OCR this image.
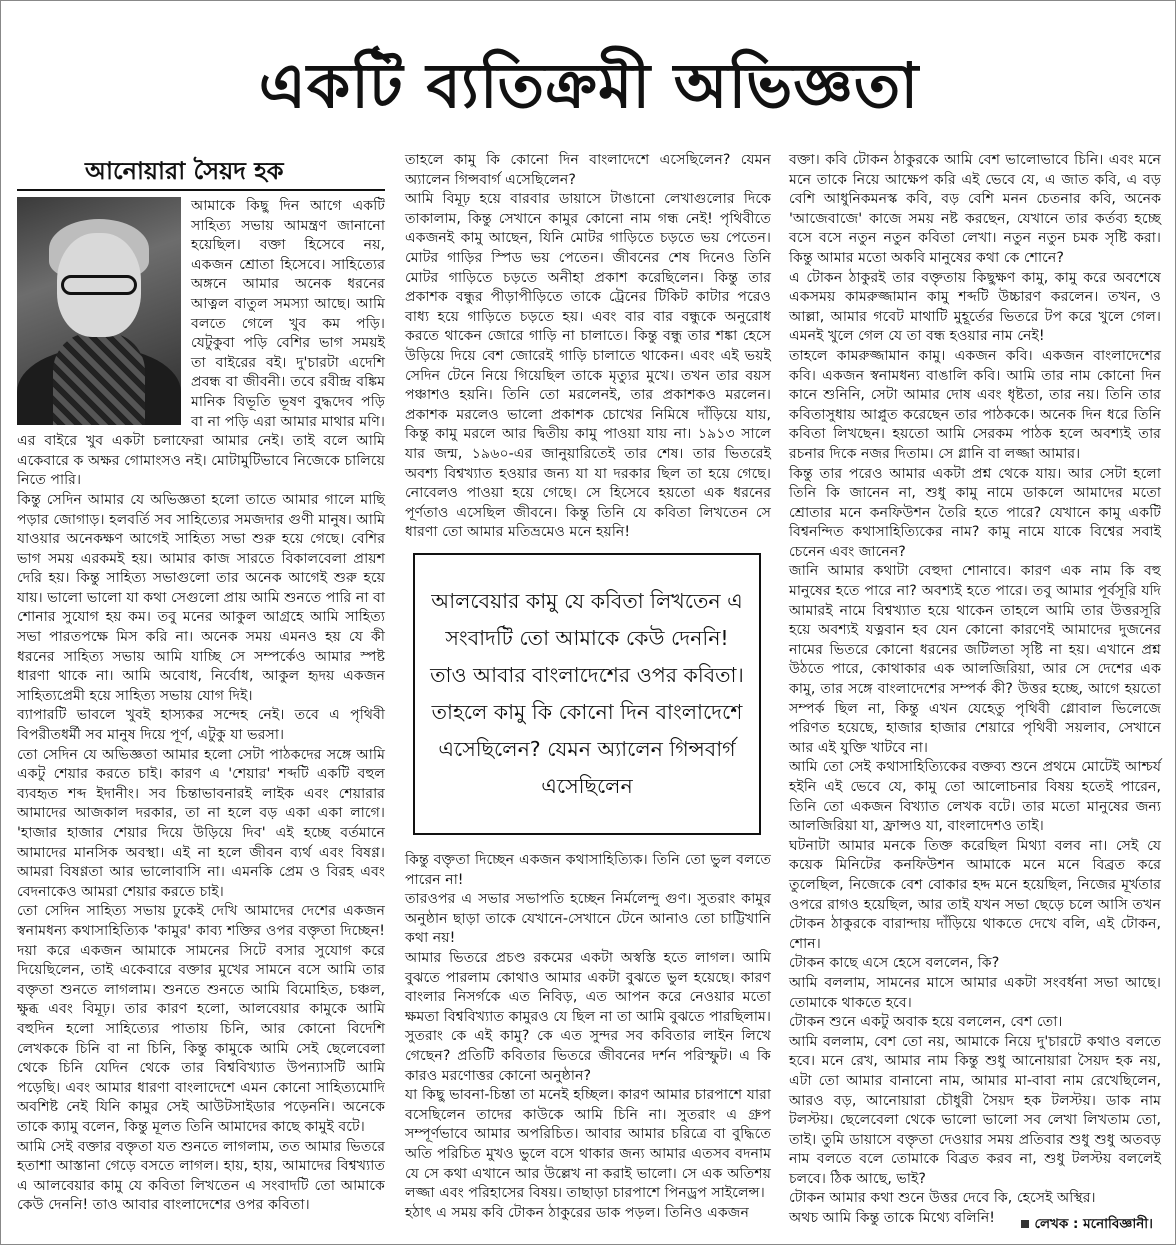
একটি ব্যতিক্রমী অভিজ্ঞতা
আনোয়ারা সৈয়দ হক

আমাকে কিছু দিন আগে একটি সাহিত্য সভায় আমন্ত্রণ জানানো হয়েছিল। বক্তা হিসেবে নয়, একজন শ্রোতা হিসেবে। সাহিত্যের অঙ্গনে আমার অনেক ধরনের আত্নল বাতুল সমস্যা আছে। আমি বলতে গেলে খুব কম পড়ি। যেটুকুবা পড়ি বেশির ভাগ সময়ই তা বাইরের বই। দু'চারটা এদেশি প্রবন্ধ বা জীবনী। তবে রবীন্দ্র বঙ্কিম মানিক বিভূতি ভূষণ বুদ্ধদেব পড়ি বা না পড়ি এরা আমার মাথার মণি। এর বাইরে খুব একটা চলাফেরা আমার নেই। তাই বলে আমি একেবারে ক অক্ষর গোমাংসও নই। মোটামুটিভাবে নিজেকে চালিয়ে নিতে পারি।

কিন্তু সেদিন আমার যে অভিজ্ঞতা হলো তাতে আমার গালে মাছি পড়ার জোগাড়। হলবর্তি সব সাহিত্যের সমজদার গুণী মানুষ। আমি যাওয়ার অনেকক্ষণ আগেই সাহিত্য সভা শুরু হয়ে গেছে। বেশির ভাগ সময় এরকমই হয়। আমার কাজ সারতে বিকালবেলা প্রায়শ দেরি হয়। কিন্তু সাহিত্য সভাগুলো তার অনেক আগেই শুরু হয়ে যায়। ভালো ভালো যা কথা সেগুলো প্রায় আমি শুনতে পারি না বা শোনার সুযোগ হয় কম। তবু মনের আকুল আগ্রহে আমি সাহিত্য সভা পারতপক্ষে মিস করি না। অনেক সময় এমনও হয় যে কী ধরনের সাহিত্য সভায় আমি যাচ্ছি সে সম্পর্কেও আমার স্পষ্ট ধারণা থাকে না। আমি অবোধ, নির্বোধ, আকুল হৃদয় একজন সাহিত্যপ্রেমী হয়ে সাহিত্য সভায় যোগ দিই।

ব্যাপারটি ভাবলে খুবই হাস্যকর সন্দেহ নেই। তবে এ পৃথিবী বিপরীতধর্মী সব মানুষ দিয়ে পূর্ণ, এটুকু যা ভরসা।

তো সেদিন যে অভিজ্ঞতা আমার হলো সেটা পাঠকদের সঙ্গে আমি একটু শেয়ার করতে চাই। কারণ এ 'শেয়ার' শব্দটি একটি বহুল ব্যবহৃত শব্দ ইদানীং। সব চিন্তাভাবনারই লাইক এবং শেয়ারার আমাদের আজকাল দরকার, তা না হলে বড় একা একা লাগে। 'হাজার হাজার শেয়ার দিয়ে উড়িয়ে দিব' এই হচ্ছে বর্তমানে আমাদের মানসিক অবস্থা। এই না হলে জীবন ব্যর্থ এবং বিষণ্ণ। আমরা বিষণ্ণতা আর ভালোবাসি না। এমনকি প্রেম ও বিরহ এবং বেদনাকেও আমরা শেয়ার করতে চাই।

তো সেদিন সাহিত্য সভায় ঢুকেই দেখি আমাদের দেশের একজন স্বনামধন্য কথাসাহিত্যিক 'কামুর' কাব্য শক্তির ওপর বক্তৃতা দিচ্ছেন! দয়া করে একজন আমাকে সামনের সিটে বসার সুযোগ করে দিয়েছিলেন, তাই একেবারে বক্তার মুখের সামনে বসে আমি তার বক্তৃতা শুনতে লাগলাম। শুনতে শুনতে আমি বিমোহিত, চঞ্চল, ক্ষুব্ধ এবং বিমূঢ়। তার কারণ হলো, আলবেয়ার কামুকে আমি বহুদিন হলো সাহিত্যের পাতায় চিনি, আর কোনো বিদেশি লেখককে চিনি বা না চিনি, কিন্তু কামুকে আমি সেই ছেলেবেলা থেকে চিনি যেদিন থেকে তার বিশ্ববিখ্যাত উপন্যাসটি আমি পড়েছি। এবং আমার ধারণা বাংলাদেশে এমন কোনো সাহিত্যমোদি অবশিষ্ট নেই যিনি কামুর সেই আউটসাইডার পড়েননি। অনেকে তাকে ক্যামু বলেন, কিন্তু মূলত তিনি আমাদের কাছে কামুই বটে।

আমি সেই বক্তার বক্তৃতা যত শুনতে লাগলাম, তত আমার ভিতরে হতাশা আস্তানা গেড়ে বসতে লাগল। হায়, হায়, আমাদের বিশ্বখ্যাত এ আলবেয়ার কামু যে কবিতা লিখতেন এ সংবাদটি তো আমাকে কেউ দেননি! তাও আবার বাংলাদেশের ওপর কবিতা।

তাহলে কামু কি কোনো দিন বাংলাদেশে এসেছিলেন? যেমন অ্যালেন গিন্সবার্গ এসেছিলেন?

আমি বিমূঢ় হয়ে বারবার ডায়াসে টাঙানো লেখাগুলোর দিকে তাকালাম, কিন্তু সেখানে কামুর কোনো নাম গন্ধ নেই! পৃথিবীতে একজনই কামু আছেন, যিনি মোটর গাড়িতে চড়তে ভয় পেতেন। মোটর গাড়ির স্পিড ভয় পেতেন। জীবনের শেষ দিনেও তিনি মোটর গাড়িতে চড়তে অনীহা প্রকাশ করেছিলেন। কিন্তু তার প্রকাশক বন্ধুর পীড়াপীড়িতে তাকে ট্রেনের টিকিট কাটার পরেও বাধ্য হয়ে গাড়িতে চড়তে হয়। এবং বার বার বন্ধুকে অনুরোধ করতে থাকেন জোরে গাড়ি না চালাতে। কিন্তু বন্ধু তার শঙ্কা হেসে উড়িয়ে দিয়ে বেশ জোরেই গাড়ি চালাতে থাকেন। এবং এই ভয়ই সেদিন টেনে নিয়ে গিয়েছিল তাকে মৃত্যুর মুখে। তখন তার বয়স পঞ্চাশও হয়নি। তিনি তো মরলেনই, তার প্রকাশকও মরলেন। প্রকাশক মরলেও ভালো প্রকাশক চোখের নিমিষে দাঁড়িয়ে যায়, কিন্তু কামু মরলে আর দ্বিতীয় কামু পাওয়া যায় না। ১৯১৩ সালে যার জন্ম, ১৯৬০-এর জানুয়ারিতেই তার শেষ। তার ভিতরেই অবশ্য বিশ্বখ্যাত হওয়ার জন্য যা যা দরকার ছিল তা হয়ে গেছে। নোবেলও পাওয়া হয়ে গেছে। সে হিসেবে হয়তো এক ধরনের পূর্ণতাও এসেছিল জীবনে। কিন্তু তিনি যে কবিতা লিখতেন সে ধারণা তো আমার মতিভ্রমেও মনে হয়নি!

আলবেয়ার কামু যে কবিতা লিখতেন এ সংবাদটি তো আমাকে কেউ দেননি! তাও আবার বাংলাদেশের ওপর কবিতা। তাহলে কামু কি কোনো দিন বাংলাদেশে এসেছিলেন? যেমন অ্যালেন গিন্সবার্গ এসেছিলেন

কিন্তু বক্তৃতা দিচ্ছেন একজন কথাসাহিত্যিক। তিনি তো ভুল বলতে পারেন না!

তারওপর এ সভার সভাপতি হচ্ছেন নির্মলেন্দু গুণ। সুতরাং কামুর অনুষ্ঠান ছাড়া তাকে যেখানে-সেখানে টেনে আনাও তো চাট্টিখানি কথা নয়!

আমার ভিতরে প্রচণ্ড রকমের একটা অস্বস্তি হতে লাগল। আমি বুঝতে পারলাম কোথাও আমার একটা বুঝতে ভুল হয়েছে। কারণ বাংলার নিসর্গকে এত নিবিড়, এত আপন করে নেওয়ার মতো ক্ষমতা বিশ্ববিখ্যাত কামুরও যে ছিল না তা আমি বুঝতে পারছিলাম। সুতরাং কে এই কামু? কে এত সুন্দর সব কবিতার লাইন লিখে গেছেন? প্রতিটি কবিতার ভিতরে জীবনের দর্শন পরিস্ফুট। এ কি কারও মরণোত্তর কোনো অনুষ্ঠান?

যা কিছু ভাবনা-চিন্তা তা মনেই হচ্ছিল। কারণ আমার চারপাশে যারা বসেছিলেন তাদের কাউকে আমি চিনি না। সুতরাং এ গ্রুপ সম্পূর্ণভাবে আমার অপরিচিত। আবার আমার চরিত্রে বা বুদ্ধিতে অতি পরিচিত মুখও ভুলে বসে থাকার জন্য আমার এতসব বদনাম যে সে কথা এখানে আর উল্লেখ না করাই ভালো। সে এক অতিশয় লজ্জা এবং পরিহাসের বিষয়। তাছাড়া চারপাশে পিনড্রপ সাইলেন্স।

হঠাৎ এ সময় কবি টোকন ঠাকুরের ডাক পড়ল। তিনিও একজন

বক্তা। কবি টোকন ঠাকুরকে আমি বেশ ভালোভাবে চিনি। এবং মনে মনে তাকে নিয়ে আক্ষেপ করি এই ভেবে যে, এ জাত কবি, এ বড় বেশি আধুনিকমনস্ক কবি, বড় বেশি মনন চেতনার কবি, অনেক 'আজেবাজে' কাজে সময় নষ্ট করছেন, যেখানে তার কর্তব্য হচ্ছে বসে বসে নতুন নতুন কবিতা লেখা। নতুন নতুন চমক সৃষ্টি করা। কিন্তু আমার মতো অকবি মানুষের কথা কে শোনে?

এ টোকন ঠাকুরই তার বক্তৃতায় কিছুক্ষণ কামু, কামু করে অবশেষে একসময় কামরুজ্জামান কামু শব্দটি উচ্চারণ করলেন। তখন, ও আল্লা, আমার গবেট মাথাটি মুহূর্তের ভিতরে টপ করে খুলে গেল। এমনই খুলে গেল যে তা বন্ধ হওয়ার নাম নেই!

তাহলে কামরুজ্জামান কামু। একজন কবি। একজন বাংলাদেশের কবি। একজন স্বনামধন্য বাঙালি কবি। আমি তার নাম কোনো দিন কানে শুনিনি, সেটা আমার দোষ এবং ধৃষ্টতা, তার নয়। তিনি তার কবিতাসুধায় আপ্লুত করেছেন তার পাঠককে। অনেক দিন ধরে তিনি কবিতা লিখছেন। হয়তো আমি সেরকম পাঠক হলে অবশ্যই তার রচনার দিকে নজর দিতাম। সে গ্লানি বা লজ্জা আমার।

কিন্তু তার পরেও আমার একটা প্রশ্ন থেকে যায়। আর সেটা হলো তিনি কি জানেন না, শুধু কামু নামে ডাকলে আমাদের মতো শ্রোতার মনে কনফিউশন তৈরি হতে পারে? যেখানে কামু একটি বিশ্বনন্দিত কথাসাহিত্যিকের নাম? কামু নামে যাকে বিশ্বের সবাই চেনেন এবং জানেন?

জানি আমার কথাটা বেহুদা শোনাবে। কারণ এক নাম কি বহু মানুষের হতে পারে না? অবশ্যই হতে পারে। তবু আমার পূর্বসূরি যদি আমারই নামে বিশ্বখ্যাত হয়ে থাকেন তাহলে আমি তার উত্তরসূরি হয়ে অবশ্যই যত্নবান হব যেন কোনো কারণেই আমাদের দুজনের নামের ভিতরে কোনো ধরনের জটিলতা সৃষ্টি না হয়। এখানে প্রশ্ন উঠতে পারে, কোথাকার এক আলজিরিয়া, আর সে দেশের এক কামু, তার সঙ্গে বাংলাদেশের সম্পর্ক কী? উত্তর হচ্ছে, আগে হয়তো সম্পর্ক ছিল না, কিন্তু এখন যেহেতু পৃথিবী গ্লোবাল ভিলেজে পরিণত হয়েছে, হাজার হাজার শেয়ারে পৃথিবী সয়লাব, সেখানে আর এই যুক্তি খাটবে না।

আমি তো সেই কথাসাহিত্যিকের বক্তব্য শুনে প্রথমে মোটেই আশ্চর্য হইনি এই ভেবে যে, কামু তো আলোচনার বিষয় হতেই পারেন, তিনি তো একজন বিখ্যাত লেখক বটে। তার মতো মানুষের জন্য আলজিরিয়া যা, ফ্রান্সও যা, বাংলাদেশও তাই।

ঘটনাটা আমার মনকে তিক্ত করেছিল মিথ্যা বলব না। সেই যে কয়েক মিনিটের কনফিউশন আমাকে মনে মনে বিব্রত করে তুলেছিল, নিজেকে বেশ বোকার হদ্দ মনে হয়েছিল, নিজের মূর্খতার ওপরে রাগও হয়েছিল, আর তাই যখন সভা ছেড়ে চলে আসি তখন টোকন ঠাকুরকে বারান্দায় দাঁড়িয়ে থাকতে দেখে বলি, এই টোকন, শোন।

টোকন কাছে এসে হেসে বললেন, কি?

আমি বললাম, সামনের মাসে আমার একটা সংবর্ধনা সভা আছে। তোমাকে থাকতে হবে।

টোকন শুনে একটু অবাক হয়ে বললেন, বেশ তো।

আমি বললাম, বেশ তো নয়, আমাকে নিয়ে দু'চারটে কথাও বলতে হবে। মনে রেখ, আমার নাম কিন্তু শুধু আনোয়ারা সৈয়দ হক নয়, এটা তো আমার বানানো নাম, আমার মা-বাবা নাম রেখেছিলেন, আরও বড়, আনোয়ারা চৌধুরী সৈয়দ হক টলস্টয়। ডাক নাম টলস্টয়। ছেলেবেলা থেকে ভালো ভালো সব লেখা লিখতাম তো, তাই। তুমি ডায়াসে বক্তৃতা দেওয়ার সময় প্রতিবার শুধু শুধু অতবড় নাম বলতে বলে তোমাকে বিব্রত করব না, শুধু টলস্টয় বললেই চলবে। ঠিক আছে, ভাই?

টোকন আমার কথা শুনে উত্তর দেবে কি, হেসেই অস্থির।

অথচ আমি কিন্তু তাকে মিথ্যে বলিনি!	লেখক : মনোবিজ্ঞানী।
